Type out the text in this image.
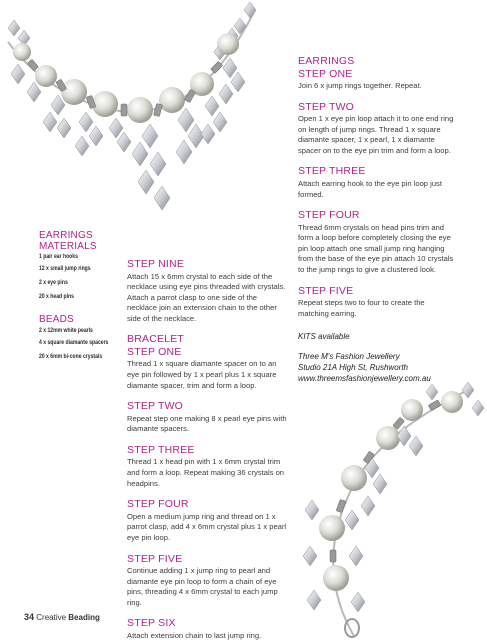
EARRINGS
MATERIALS
1 pair ear hooks
12 x small jump rings
2 x eye pins
20 x head pins
BEADS
2 x 12mm white pearls
4 x square diamante spacers
20 x 6mm bi-cone crystals
STEP NINE
Attach 15 x 6mm crystal to each side of the necklace using eye pins threaded with crystals. Attach a parrot clasp to one side of the necklace join an extension chain to the other side of the necklace.
BRACELET
STEP ONE
Thread 1 x square diamante spacer on to an eye pin followed by 1 x pearl plus 1 x square diamante spacer, trim and form a loop.
STEP TWO
Repeat step one making 8 x pearl eye pins with diamante spacers.
STEP THREE
Thread 1 x head pin with 1 x 6mm crystal trim and form a loop. Repeat making 36 crystals on headpins.
STEP FOUR
Open a medium jump ring and thread on 1 x parrot clasp, add 4 x 6mm crystal plus 1 x pearl eye pin loop.
STEP FIVE
Continue adding 1 x jump ring to pearl and diamante eye pin loop to form a chain of eye pins, threading 4 x 6mm crystal to each jump ring.
STEP SIX
Attach extension chain to last jump ring.
EARRINGS
STEP ONE
Join 6 x jump rings together. Repeat.
STEP TWO
Open 1 x eye pin loop attach it to one end ring on length of jump rings. Thread 1 x square diamante spacer, 1 x pearl, 1 x diamante spacer on to the eye pin trim and form a loop.
STEP THREE
Attach earring hook to the eye pin loop just formed.
STEP FOUR
Thread 6mm crystals on head pins trim and form a loop before completely closing the eye pin loop attach one small jump ring hanging from the base of the eye pin attach 10 crystals to the jump rings to give a clustered look.
STEP FIVE
Repeat steps two to four to create the matching earring.
KITS available
Three M's Fashion Jewellery
Studio 21A High St, Rushworth
www.threemsfashionjewellery.com.au
34 Creative Beading
